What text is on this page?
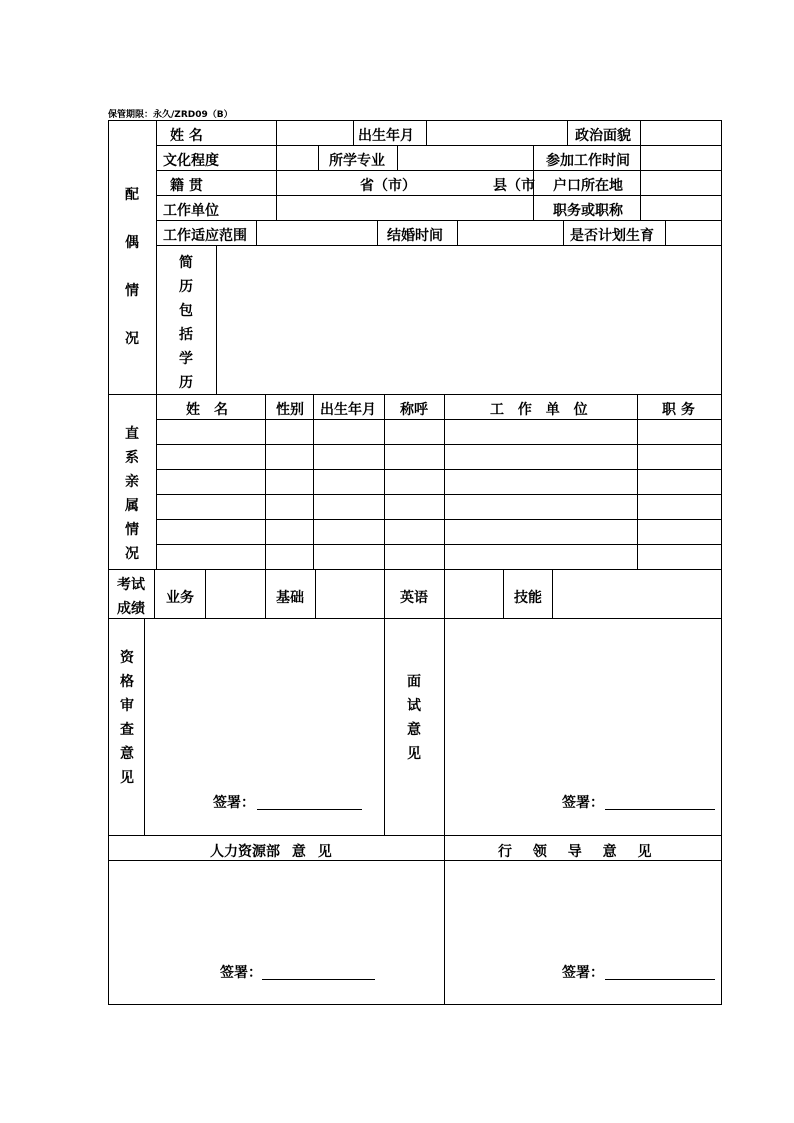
保管期限：永久/ZRD09（B）
配偶情况
姓 名	出生年月	政治面貌
文化程度	所学专业	参加工作时间
籍 贯	省（市）	县（市 户口所在地
工作单位	职务或职称
工作适应范围	结婚时间	是否计划生育
简历包括学历
直系亲属情况
姓　名	性别 出生年月 称呼	工 作 单 位	职 务
考试
成绩
业务	基础	英语	技能
资格审查意见
面试意见
签署：	签署：
人力资源部 意 见	行 领 导 意 见
签署：	签署：
